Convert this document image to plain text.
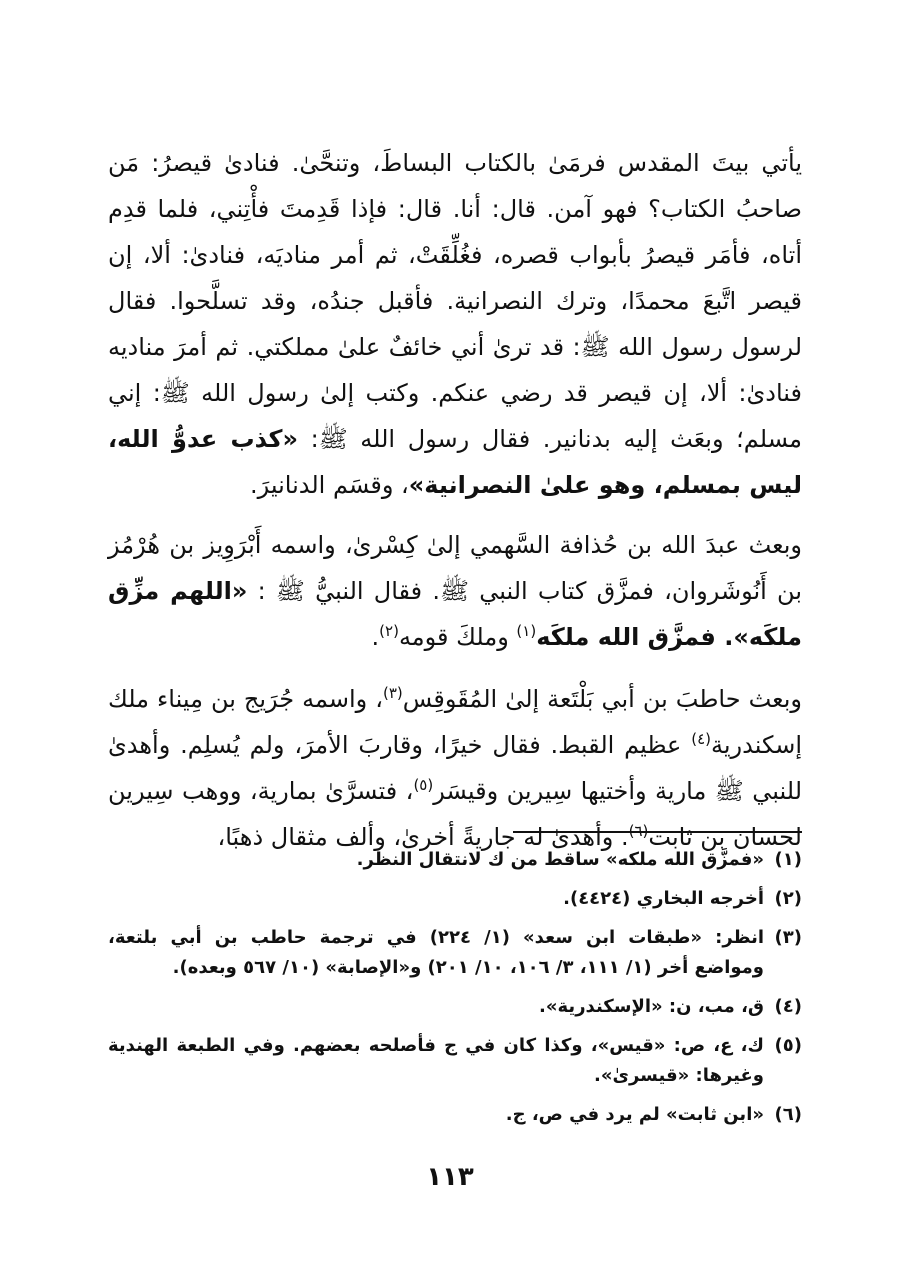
يأتي بيتَ المقدس فرمَىٰ بالكتاب البساطَ، وتنحَّىٰ. فنادىٰ قيصرُ: مَن صاحبُ الكتاب؟ فهو آمن. قال: أنا. قال: فإذا قَدِمتَ فأْتِني، فلما قدِم أتاه، فأمَر قيصرُ بأبواب قصره، فغُلِّقَتْ، ثم أمر مناديَه، فنادىٰ: ألا، إن قيصر اتَّبعَ محمدًا، وترك النصرانية. فأقبل جندُه، وقد تسلَّحوا. فقال لرسول رسول الله ﷺ: قد ترىٰ أني خائفٌ علىٰ مملكتي. ثم أمرَ مناديه فنادىٰ: ألا، إن قيصر قد رضي عنكم. وكتب إلىٰ رسول الله ﷺ: إني مسلم؛ وبعَث إليه بدنانير. فقال رسول الله ﷺ: «كذب عدوُّ الله، ليس بمسلم، وهو علىٰ النصرانية»، وقسَم الدنانيرَ.

وبعث عبدَ الله بن حُذافة السَّهمي إلىٰ كِسْرىٰ، واسمه أَبْرَوِيز بن هُرْمُز بن أَنُوشَروان، فمزَّق كتاب النبي ﷺ. فقال النبيُّ ﷺ : «اللهم مزِّق ملكَه». فمزَّق الله ملكَه$^{(١)}$ وملكَ قومه$^{(٢)}$.

وبعث حاطبَ بن أبي بَلْتَعة إلىٰ المُقَوقِس$^{(٣)}$، واسمه جُرَيج بن مِيناء ملك إسكندرية$^{(٤)}$ عظيم القبط. فقال خيرًا، وقاربَ الأمرَ، ولم يُسلِم. وأهدىٰ للنبي ﷺ مارية وأختيها سِيرين وقيسَر$^{(٥)}$، فتسرَّىٰ بمارية، ووهب سِيرين لحسان بن ثابت$^{(٦)}$. وأهدىٰ له جاريةً أخرىٰ، وألف مثقال ذهبًا،

(١)
«فمزَّق الله ملكه» ساقط من ك لانتقال النظر.
(٢)
أخرجه البخاري (٤٤٢٤).
(٣)
انظر: «طبقات ابن سعد» (١/ ٢٢٤) في ترجمة حاطب بن أبي بلتعة، ومواضع أخر (١/ ١١١، ٣/ ١٠٦، ١٠/ ٢٠١) و«الإصابة» (١٠/ ٥٦٧ وبعده).
(٤)
ق، مب، ن: «الإسكندرية».
(٥)
ك، ع، ص: «قيس»، وكذا كان في ج فأصلحه بعضهم. وفي الطبعة الهندية وغيرها: «قيسرىٰ».
(٦)
«ابن ثابت» لم يرد في ص، ج.
١١٣
